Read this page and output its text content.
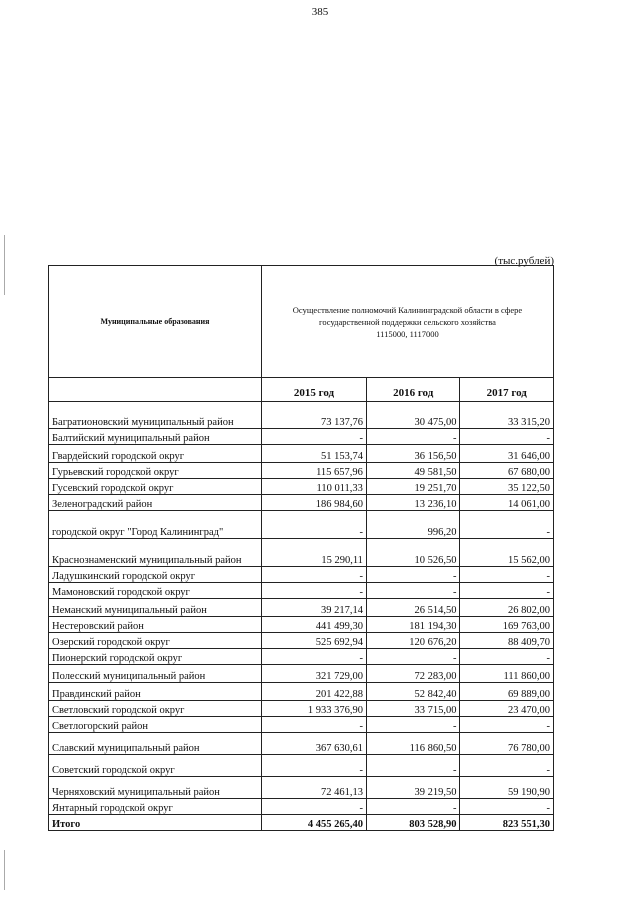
385
(тыс.рублей)
Муниципальные образования	Осуществление полномочий Калининградской области в сфере
государственной поддержки сельского хозяйства
1115000, 1117000		

	2015 год	2016 год	2017 год
Багратионовский муниципальный район	73 137,76	30 475,00	33 315,20
Балтийский муниципальный район	-	-	-
Гвардейский городской округ	51 153,74	36 156,50	31 646,00
Гурьевский городской округ	115 657,96	49 581,50	67 680,00
Гусевский городской округ	110 011,33	19 251,70	35 122,50
Зеленоградский район	186 984,60	13 236,10	14 061,00
городской округ "Город Калининград"	-	996,20	-
Краснознаменский муниципальный район	15 290,11	10 526,50	15 562,00
Ладушкинский городской округ	-	-	-
Мамоновский городской округ	-	-	-
Неманский муниципальный район	39 217,14	26 514,50	26 802,00
Нестеровский район	441 499,30	181 194,30	169 763,00
Озерский городской округ	525 692,94	120 676,20	88 409,70
Пионерский городской округ	-	-	-
Полесский муниципальный район	321 729,00	72 283,00	111 860,00
Правдинский район	201 422,88	52 842,40	69 889,00
Светловский городской округ	1 933 376,90	33 715,00	23 470,00
Светлогорский район	-	-	-
Славский муниципальный район	367 630,61	116 860,50	76 780,00
Советский городской округ	-	-	-
Черняховский муниципальный район	72 461,13	39 219,50	59 190,90
Янтарный городской округ	-	-	-
Итого	4 455 265,40	803 528,90	823 551,30
